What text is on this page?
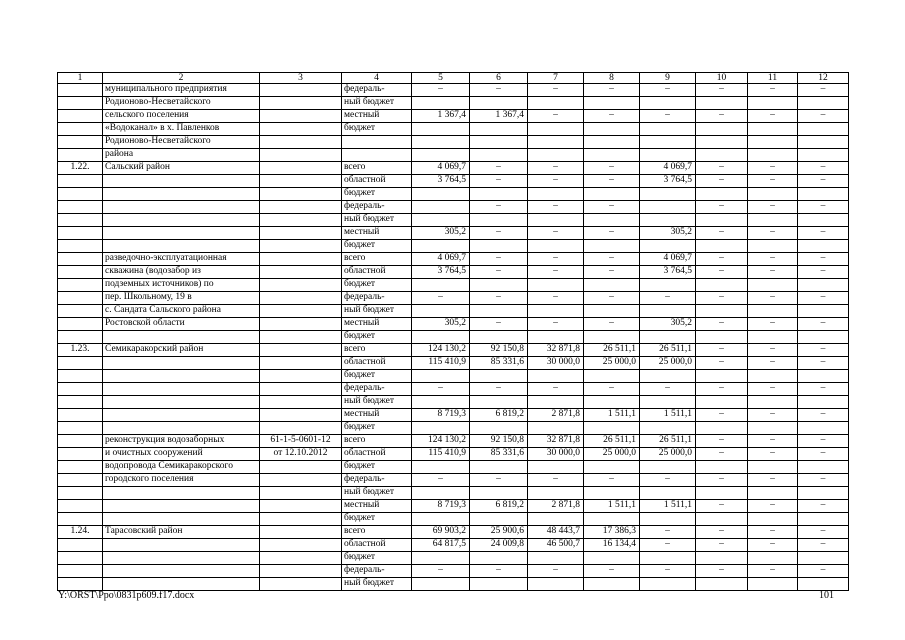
1	2	3	4	5	6	7	8	9	10	11	12
	муниципального предприятия		федераль-	–	–	–	–	–	–	–	–
	Родионово-Несветайского		ный бюджет								
	сельского поселения		местный	1 367,4	1 367,4	–	–	–	–	–	–
	«Водоканал» в х. Павленков		бюджет								
	Родионово-Несветайского										
	района										
1.22.	Сальский район		всего	4 069,7	–	–	–	4 069,7	–	–	–
			областной	3 764,5	–	–	–	3 764,5	–	–	–
			бюджет								
			федераль-		–	–	–		–	–	–
			ный бюджет								
			местный	305,2	–	–	–	305,2	–	–	–
			бюджет								
	разведочно-эксплуатационная		всего	4 069,7	–	–	–	4 069,7	–	–	–
	скважина (водозабор из		областной	3 764,5	–	–	–	3 764,5	–	–	–
	подземных источников) по		бюджет								
	пер. Школьному, 19 в		федераль-	–	–	–	–	–	–	–	–
	с. Сандата Сальского района		ный бюджет								
	Ростовской области		местный	305,2	–	–	–	305,2	–	–	–
			бюджет								
1.23.	Семикаракорский район		всего	124 130,2	92 150,8	32 871,8	26 511,1	26 511,1	–	–	–
			областной	115 410,9	85 331,6	30 000,0	25 000,0	25 000,0	–	–	–
			бюджет								
			федераль-	–	–	–	–	–	–	–	–
			ный бюджет								
			местный	8 719,3	6 819,2	2 871,8	1 511,1	1 511,1	–	–	–
			бюджет								
	реконструкция водозаборных	61-1-5-0601-12	всего	124 130,2	92 150,8	32 871,8	26 511,1	26 511,1	–	–	–
	и очистных сооружений	от 12.10.2012	областной	115 410,9	85 331,6	30 000,0	25 000,0	25 000,0	–	–	–
	водопровода Семикаракорского		бюджет								
	городского поселения		федераль-	–	–	–	–	–	–	–	–
			ный бюджет								
			местный	8 719,3	6 819,2	2 871,8	1 511,1	1 511,1	–	–	–
			бюджет								
1.24.	Тарасовский район		всего	69 903,2	25 900,6	48 443,7	17 386,3	–	–	–	–
			областной	64 817,5	24 009,8	46 500,7	16 134,4	–	–	–	–
			бюджет								
			федераль-	–	–	–	–	–	–	–	–
			ный бюджет								
Y:\ORST\Ppo\0831p609.f17.docx	101
